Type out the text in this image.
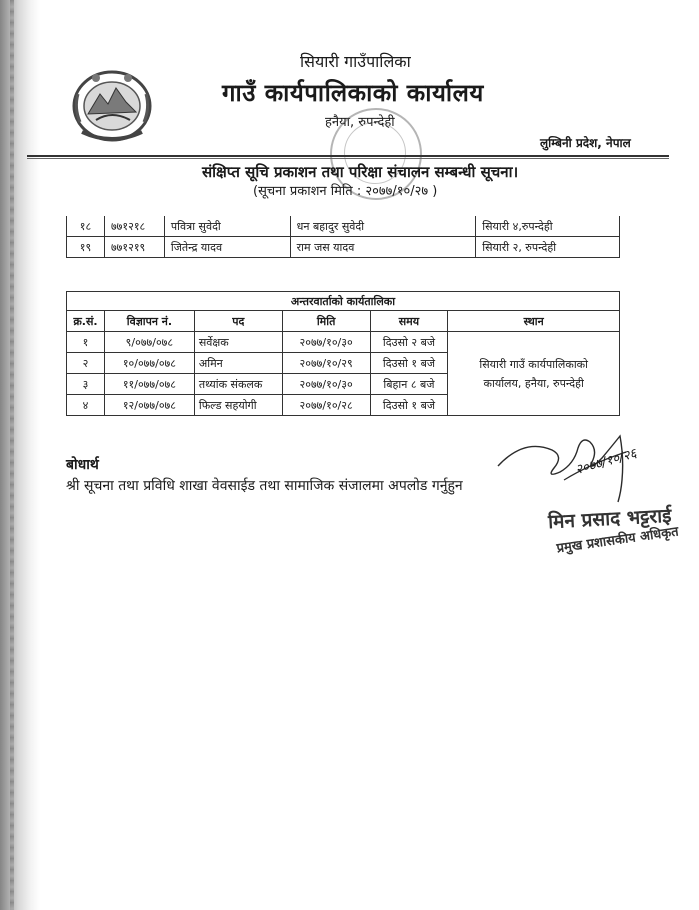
सियारी गाउँपालिका
गाउँ कार्यपालिकाको कार्यालय
हनैया, रुपन्देही
लुम्बिनी प्रदेश, नेपाल
संक्षिप्त सूचि प्रकाशन तथा परिक्षा संचालन सम्बन्धी सूचना।
(सूचना प्रकाशन मिति : २०७७/१०/२७ )
१८	७७१२१८	पवित्रा सुवेदी	धन बहादुर सुवेदी	सियारी ४,रुपन्देही
१९	७७१२१९	जितेन्द्र यादव	राम जस यादव	सियारी २, रुपन्देही
अन्तरवार्ताको कार्यतालिका					
क्र.सं.	विज्ञापन नं.	पद	मिति	समय	स्थान
१	९/०७७/०७८	सर्वेक्षक	२०७७/१०/३०	दिउसो २ बजे	सियारी गाउँ कार्यपालिकाको
कार्यालय, हनैया, रुपन्देही

२	१०/०७७/०७८	अमिन	२०७७/१०/२९	दिउसो १ बजे	
३	११/०७७/०७८	तथ्यांक संकलक	२०७७/१०/३०	बिहान ८ बजे	
४	१२/०७७/०७८	फिल्ड सहयोगी	२०७७/१०/२८	दिउसो १ बजे	
बोधार्थ
श्री सूचना तथा प्रविधि शाखा वेवसाईड तथा सामाजिक संजालमा अपलोड गर्नुहुन
२०७७/१०/२६
मिन प्रसाद भट्टराई
प्रमुख प्रशासकीय अधिकृत
